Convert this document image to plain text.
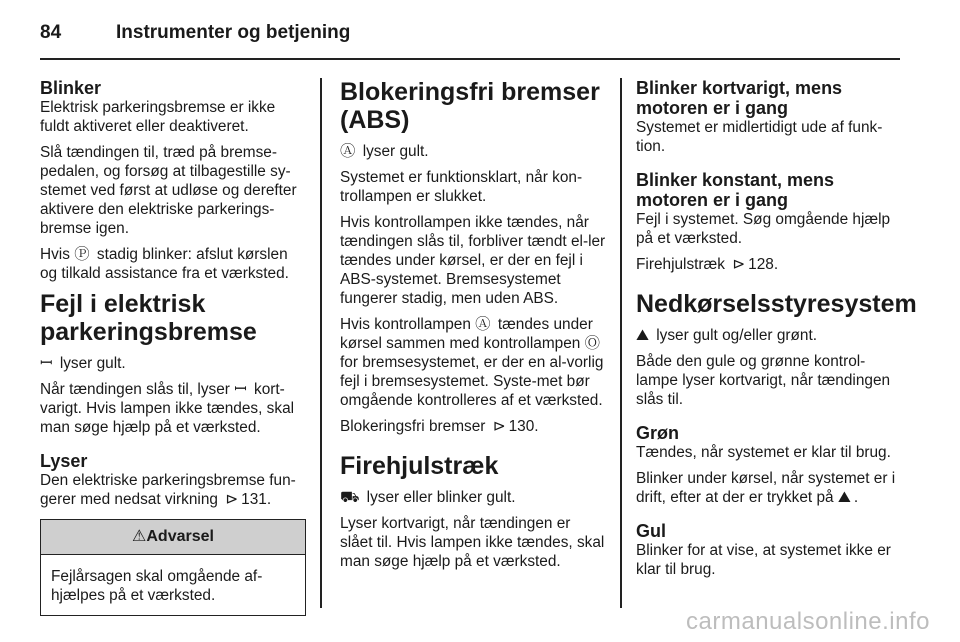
84	Instrumenter og betjening
Blinker

Elektrisk parkeringsbremse er ikke fuldt aktiveret eller deaktiveret.

Slå tændingen til, træd på bremse-pedalen, og forsøg at tilbagestille sy-stemet ved først at udløse og derefter aktivere den elektriske parkerings-bremse igen.

Hvis Ⓟ stadig blinker: afslut kørslen og tilkald assistance fra et værksted.

Fejl i elektrisk parkeringsbremse

ꟷ lyser gult.

Når tændingen slås til, lyser ꟷ kort-varigt. Hvis lampen ikke tændes, skal man søge hjælp på et værksted.

Lyser

Den elektriske parkeringsbremse fun-gerer med nedsat virkning ⊳ 131.

⚠Advarsel
Fejlårsagen skal omgående af-hjælpes på et værksted.
Blokeringsfri bremser (ABS)

Ⓐ lyser gult.

Systemet er funktionsklart, når kon-trollampen er slukket.

Hvis kontrollampen ikke tændes, når tændingen slås til, forbliver tændt el-ler tændes under kørsel, er der en fejl i ABS-systemet. Bremsesystemet fungerer stadig, men uden ABS.

Hvis kontrollampen Ⓐ tændes under kørsel sammen med kontrollampen Ⓞ for bremsesystemet, er der en al-vorlig fejl i bremsesystemet. Syste-met bør omgående kontrolleres af et værksted.

Blokeringsfri bremser ⊳ 130.

Firehjulstræk

⛟ lyser eller blinker gult.

Lyser kortvarigt, når tændingen er slået til. Hvis lampen ikke tændes, skal man søge hjælp på et værksted.

Blinker kortvarigt, mens motoren er i gang

Systemet er midlertidigt ude af funk-tion.

Blinker konstant, mens motoren er i gang

Fejl i systemet. Søg omgående hjælp på et værksted.

Firehjulstræk ⊳ 128.

Nedkørselsstyresystem

⛰ lyser gult og/eller grønt.

Både den gule og grønne kontrol-lampe lyser kortvarigt, når tændingen slås til.

Grøn

Tændes, når systemet er klar til brug.

Blinker under kørsel, når systemet er i drift, efter at der er trykket på ⛰ .

Gul

Blinker for at vise, at systemet ikke er klar til brug.

carmanualsonline.info
